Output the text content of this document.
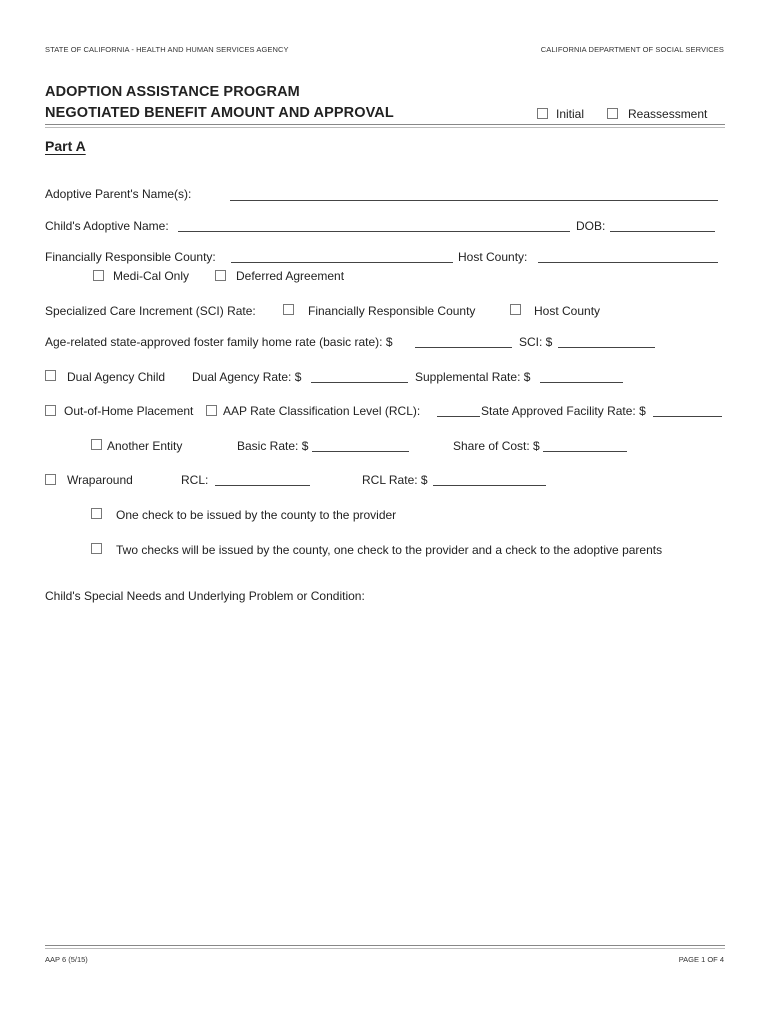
STATE OF CALIFORNIA - HEALTH AND HUMAN SERVICES AGENCY	CALIFORNIA DEPARTMENT OF SOCIAL SERVICES
ADOPTION ASSISTANCE PROGRAM
NEGOTIATED BENEFIT AMOUNT AND APPROVAL	Initial	Reassessment
Part A
Adoptive Parent's Name(s):
Child's Adoptive Name:	DOB:
Financially Responsible County:	Host County:
Medi-Cal Only	Deferred Agreement
Specialized Care Increment (SCI) Rate:	Financially Responsible County	Host County
Age-related state-approved foster family home rate (basic rate): $	SCI: $
Dual Agency Child Dual Agency Rate: $	Supplemental Rate: $
Out-of-Home Placement AAP Rate Classification Level (RCL):	State Approved Facility Rate: $
Another Entity	Basic Rate: $	Share of Cost: $
Wraparound	RCL:	RCL Rate: $
One check to be issued by the county to the provider
Two checks will be issued by the county, one check to the provider and a check to the adoptive parents
Child's Special Needs and Underlying Problem or Condition:
AAP 6 (5/15)	PAGE 1 OF 4
